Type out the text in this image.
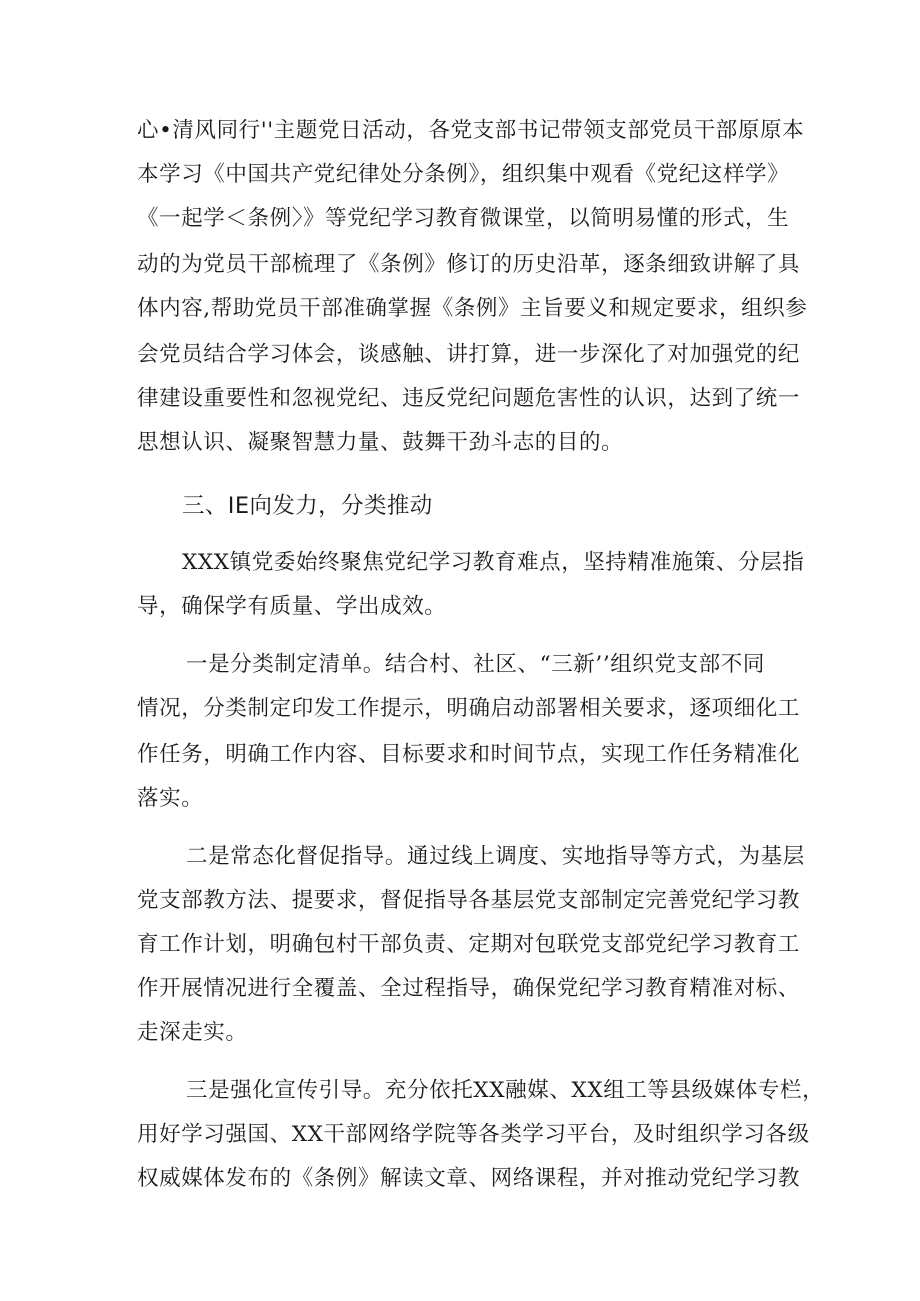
心•清风同行''主题党日活动，各党支部书记带领支部党员干部原原本
本学习《中国共产党纪律处分条例》，组织集中观看《党纪这样学》
《一起学＜条例〉》等党纪学习教育微课堂，以简明易懂的形式，生
动的为党员干部梳理了《条例》修订的历史沿革，逐条细致讲解了具
体内容,帮助党员干部准确掌握《条例》主旨要义和规定要求，组织参
会党员结合学习体会，谈感触、讲打算，进一步深化了对加强党的纪
律建设重要性和忽视党纪、违反党纪问题危害性的认识，达到了统一
思想认识、凝聚智慧力量、鼓舞干劲斗志的目的。
三、IE向发力，分类推动
XXX镇党委始终聚焦党纪学习教育难点，坚持精准施策、分层指
导，确保学有质量、学出成效。
一是分类制定清单。结合村、社区、“三新’’组织党支部不同
情况，分类制定印发工作提示，明确启动部署相关要求，逐项细化工
作任务，明确工作内容、目标要求和时间节点，实现工作任务精准化
落实。
二是常态化督促指导。通过线上调度、实地指导等方式，为基层
党支部教方法、提要求，督促指导各基层党支部制定完善党纪学习教
育工作计划，明确包村干部负责、定期对包联党支部党纪学习教育工
作开展情况进行全覆盖、全过程指导，确保党纪学习教育精准对标、
走深走实。
三是强化宣传引导。充分依托XX融媒、XX组工等县级媒体专栏，
用好学习强国、XX干部网络学院等各类学习平台，及时组织学习各级
权威媒体发布的《条例》解读文章、网络课程，并对推动党纪学习教
